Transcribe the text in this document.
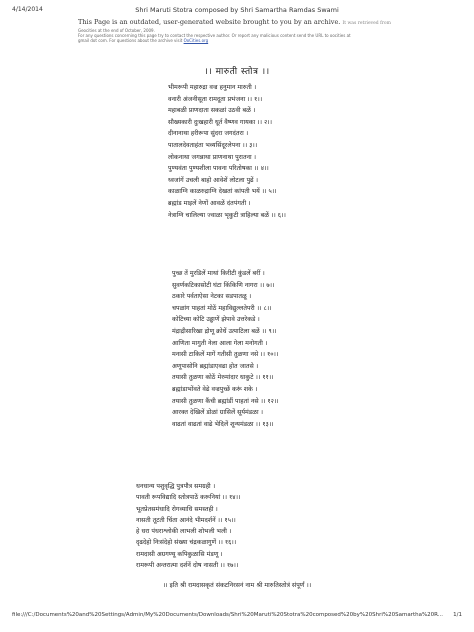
4/14/2014	Shri Maruti Stotra composed by Shri Samartha Ramdas Swami
This Page is an outdated, user-generated website brought to you by an archive. It was retrieved from
Geocities at the end of October, 2009.
For any questions concerning this page try to contact the respective author. Or report any malicious content send the URL to oocities at
gmail dot com. For questions about the archive visit OoCities.org
।। मारुती स्तोत्र ।।
भीमरूपी महारुद्रा वज्र हनुमान मारुती ।
वनारी अंजनीसूता रामदूता प्रभंजना ।। १।।
महाबळी प्राणदाता सकळां उठवी बळें ।
सौख्यकारी दुःखहारी धूर्त वैष्णव गायका ।। २।।
दीनानाथा हरीरूपा सुंदरा जगदंतरा ।
पातालदेवताहंता भव्यसिंदूरलेपना ।। ३।।
लोकनाथा जगन्नाथा प्राणनाथा पुरातना ।
पुण्यवंता पुण्यशीला पावना परितोषका ।। ४।।
ध्वजांगें उचली बाहो आवेशें लोटला पुढें ।
काळाग्नि काळरुद्राग्नि देखतां कांपती भयें ।। ५।।
ब्रह्मांड माइलें नेणों आवळें दंतपंगती ।
नेत्राग्नि चालिल्या ज्वाळा भृकुटी त्राहिल्या बळें ।। ६।।
पुच्छ तें मुरडिलें माथां किरीटी कुंडलें बरीं ।
सुवर्णकटिकासोटी घंटा किंकिणि नागरा ।। ७।।
ठकारे पर्वताऐसा नेटका सडपातळू ।
चपळांग पाहतां मोठें महाविद्युल्लतेपरी ।। ८।।
कोटिच्या कोटि उड्डाणें झेपावे उत्तरेकडे ।
मंद्राद्रीसारिखा द्रोणू क्रोधें उत्पाटिला बळें ।। ९।।
आणिता मागुती नेला आला गेला मनोगती ।
मनासी टाकिलें मागें गतीसी तुळणा नसे ।। १०।।
अणूपासोनि ब्रह्मांडाएवढा होत जातसे ।
तयासी तुळणा कोठें मेरुमांदार धाकुटे ।। ११।।
ब्रह्मांडाभोंवते वेढे वज्रपुच्छें करूं शके ।
तयासी तुळणा कैंची ब्रह्मांडीं पाहतां नसे ।। १२।।
आरक्त देखिलें डोळां ग्रासिलें सूर्यमंडळा ।
वाढतां वाढतां वाढे भेदिलें शून्यमंडळा ।। १३।।
धनधान्य पशुवृद्धि पुत्रपौत्र समग्रही ।
पावती रूपविद्यादि स्तोत्रपाठें करूनियां ।। १४।।
भूतप्रेतसमंधादि रोगव्याधि समस्तही ।
नासती तूटती चिंता आनंदे भीमदर्शनें ।। १५।।
हे धरा पंधराश्लोकी लाभली शोभली भली ।
दृढदेहो निःसंदेहो संख्या चंद्रकळागुणें ।। १६।।
रामदासी अग्रगण्यू कपिकुळासि मंडणू ।
रामरूपी अन्तरात्मा दर्शनें दोष नासती ।। १७।।
।। इति श्री रामदासकृतं संकटनिरसनं नाम श्री मारुतिस्तोत्रं संपूर्णं ।।
file:///C:/Documents%20and%20Settings/Admin/My%20Documents/Downloads/Shri%20Maruti%20Stotra%20composed%20by%20Shri%20Samartha%20R... 1/1
